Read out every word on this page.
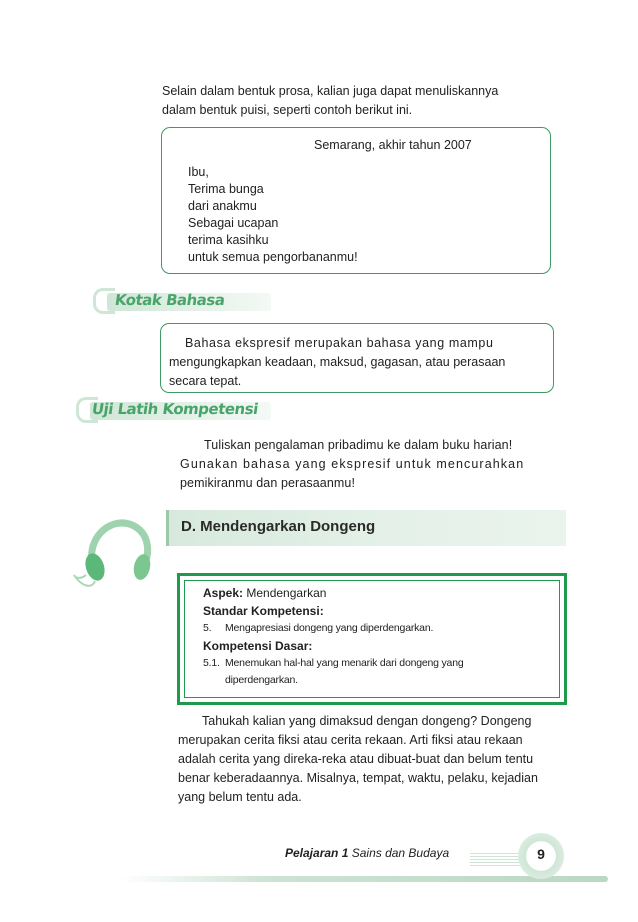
Selain dalam bentuk prosa, kalian juga dapat menuliskannya
dalam bentuk puisi, seperti contoh berikut ini.
Semarang, akhir tahun 2007
Ibu,
Terima bunga
dari anakmu
Sebagai ucapan
terima kasihku
untuk semua pengorbananmu!
Kotak Bahasa
Bahasa ekspresif merupakan bahasa yang mampu
mengungkapkan keadaan, maksud, gagasan, atau perasaan
secara tepat.
Uji Latih Kompetensi
Tuliskan pengalaman pribadimu ke dalam buku harian!
Gunakan bahasa yang ekspresif untuk mencurahkan
pemikiranmu dan perasaanmu!
D. Mendengarkan Dongeng
Aspek: Mendengarkan
Standar Kompetensi:
5. Mengapresiasi dongeng yang diperdengarkan.
Kompetensi Dasar:
5.1. Menemukan hal-hal yang menarik dari dongeng yang
diperdengarkan.
Tahukah kalian yang dimaksud dengan dongeng? Dongeng
merupakan cerita fiksi atau cerita rekaan. Arti fiksi atau rekaan
adalah cerita yang direka-reka atau dibuat-buat dan belum tentu
benar keberadaannya. Misalnya, tempat, waktu, pelaku, kejadian
yang belum tentu ada.
Pelajaran 1 Sains dan Budaya	9
